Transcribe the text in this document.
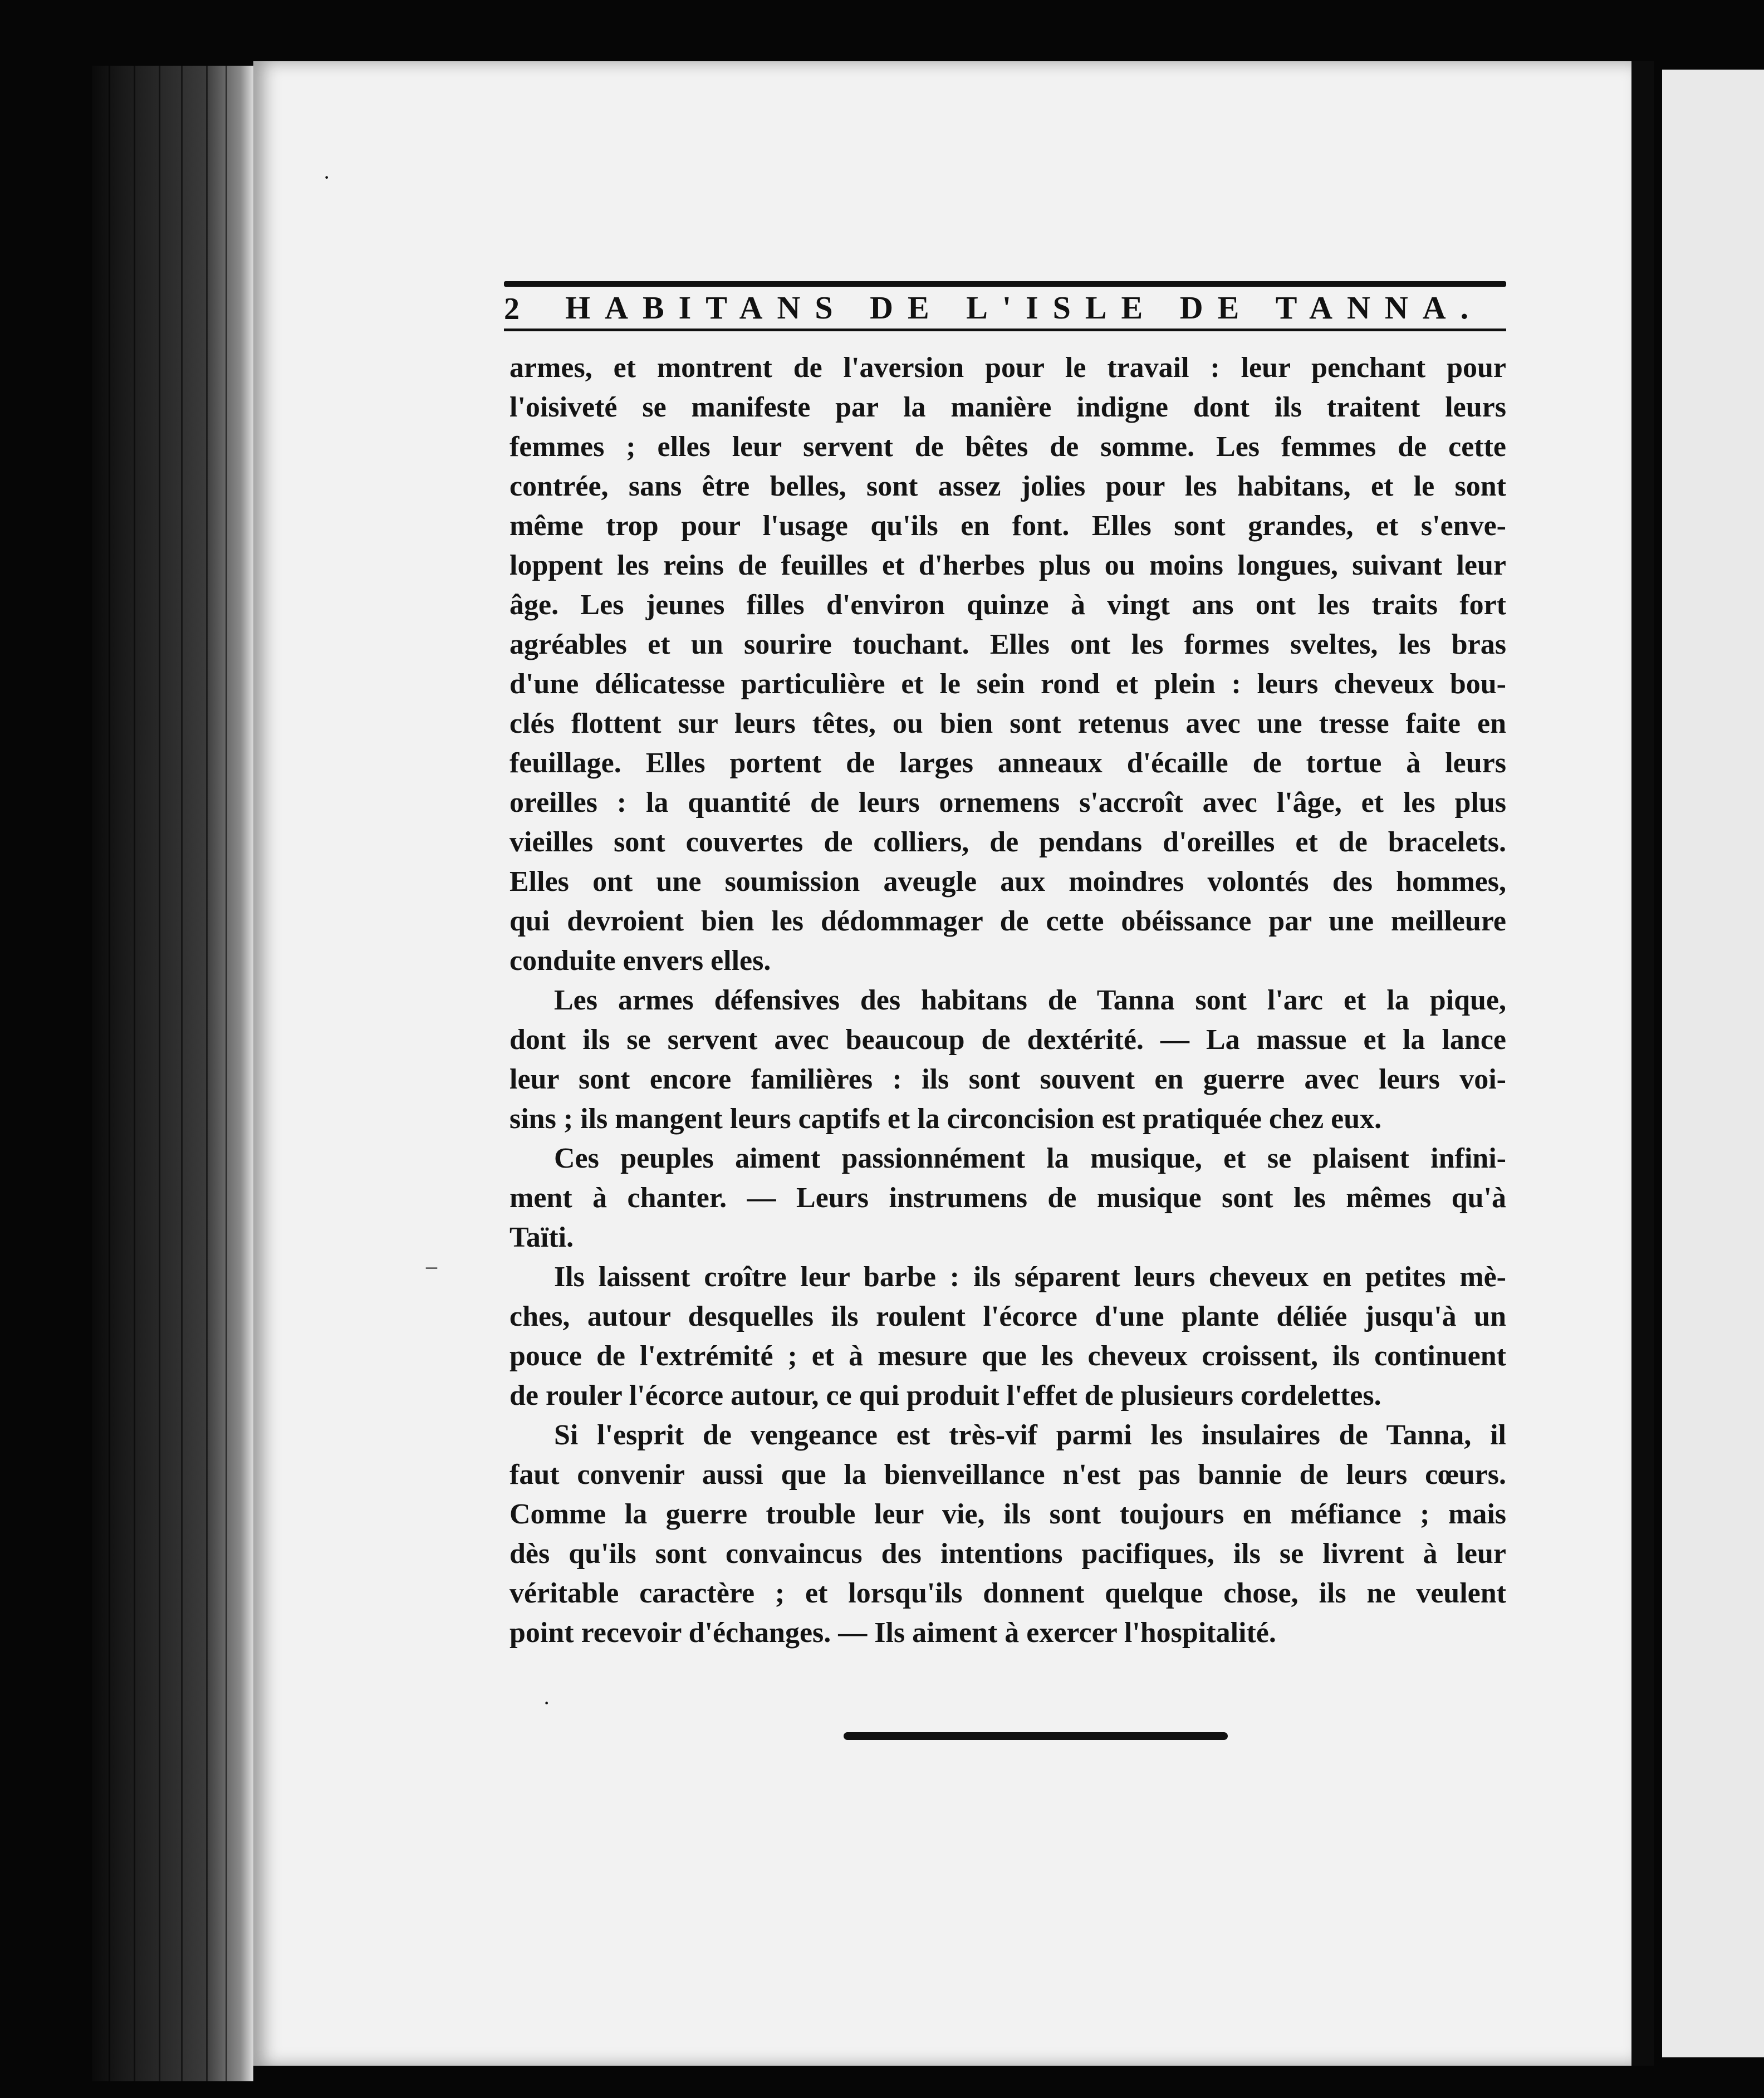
2 HABITANS DE L'ISLE DE TANNA.
armes, et montrent de l'aversion pour le travail : leur penchant pour
l'oisiveté se manifeste par la manière indigne dont ils traitent leurs
femmes ; elles leur servent de bêtes de somme. Les femmes de cette
contrée, sans être belles, sont assez jolies pour les habitans, et le sont
même trop pour l'usage qu'ils en font. Elles sont grandes, et s'enve-
loppent les reins de feuilles et d'herbes plus ou moins longues, suivant leur
âge. Les jeunes filles d'environ quinze à vingt ans ont les traits fort
agréables et un sourire touchant. Elles ont les formes sveltes, les bras
d'une délicatesse particulière et le sein rond et plein : leurs cheveux bou-
clés flottent sur leurs têtes, ou bien sont retenus avec une tresse faite en
feuillage. Elles portent de larges anneaux d'écaille de tortue à leurs
oreilles : la quantité de leurs ornemens s'accroît avec l'âge, et les plus
vieilles sont couvertes de colliers, de pendans d'oreilles et de bracelets.
Elles ont une soumission aveugle aux moindres volontés des hommes,
qui devroient bien les dédommager de cette obéissance par une meilleure
conduite envers elles.
Les armes défensives des habitans de Tanna sont l'arc et la pique,
dont ils se servent avec beaucoup de dextérité. — La massue et la lance
leur sont encore familières : ils sont souvent en guerre avec leurs voi-
sins ; ils mangent leurs captifs et la circoncision est pratiquée chez eux.
Ces peuples aiment passionnément la musique, et se plaisent infini-
ment à chanter. — Leurs instrumens de musique sont les mêmes qu'à
Taïti.
Ils laissent croître leur barbe : ils séparent leurs cheveux en petites mè-
ches, autour desquelles ils roulent l'écorce d'une plante déliée jusqu'à un
pouce de l'extrémité ; et à mesure que les cheveux croissent, ils continuent
de rouler l'écorce autour, ce qui produit l'effet de plusieurs cordelettes.
Si l'esprit de vengeance est très-vif parmi les insulaires de Tanna, il
faut convenir aussi que la bienveillance n'est pas bannie de leurs cœurs.
Comme la guerre trouble leur vie, ils sont toujours en méfiance ; mais
dès qu'ils sont convaincus des intentions pacifiques, ils se livrent à leur
véritable caractère ; et lorsqu'ils donnent quelque chose, ils ne veulent
point recevoir d'échanges. — Ils aiment à exercer l'hospitalité.
·
–
·
